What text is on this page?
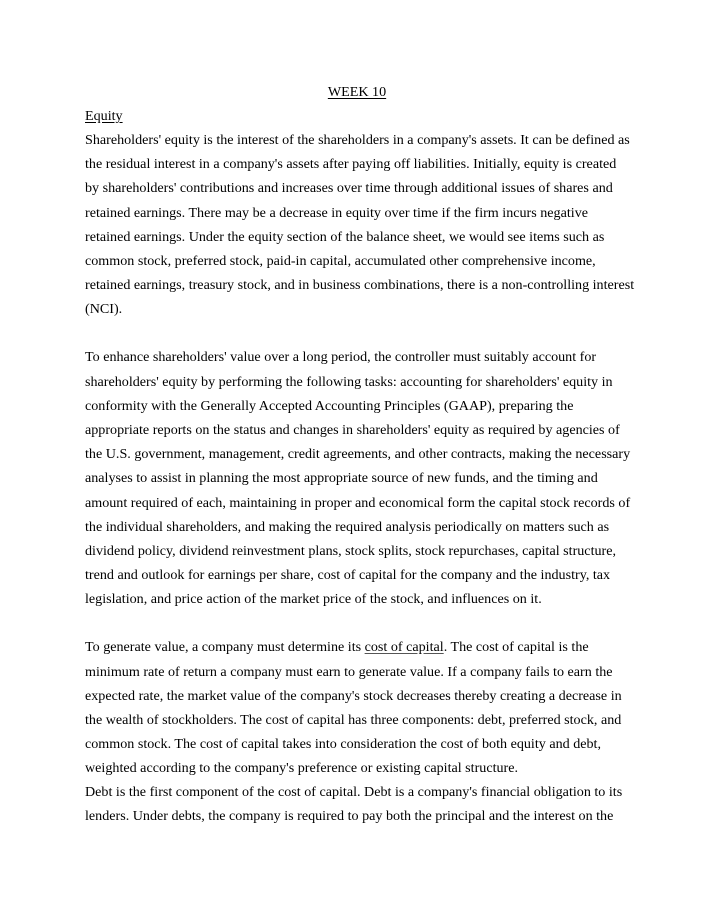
WEEK 10
Equity
Shareholders' equity is the interest of the shareholders in a company's assets. It can be defined as
the residual interest in a company's assets after paying off liabilities. Initially, equity is created
by shareholders' contributions and increases over time through additional issues of shares and
retained earnings. There may be a decrease in equity over time if the firm incurs negative
retained earnings. Under the equity section of the balance sheet, we would see items such as
common stock, preferred stock, paid-in capital, accumulated other comprehensive income,
retained earnings, treasury stock, and in business combinations, there is a non-controlling interest
(NCI).
To enhance shareholders' value over a long period, the controller must suitably account for
shareholders' equity by performing the following tasks: accounting for shareholders' equity in
conformity with the Generally Accepted Accounting Principles (GAAP), preparing the
appropriate reports on the status and changes in shareholders' equity as required by agencies of
the U.S. government, management, credit agreements, and other contracts, making the necessary
analyses to assist in planning the most appropriate source of new funds, and the timing and
amount required of each, maintaining in proper and economical form the capital stock records of
the individual shareholders, and making the required analysis periodically on matters such as
dividend policy, dividend reinvestment plans, stock splits, stock repurchases, capital structure,
trend and outlook for earnings per share, cost of capital for the company and the industry, tax
legislation, and price action of the market price of the stock, and influences on it.
To generate value, a company must determine its cost of capital. The cost of capital is the
minimum rate of return a company must earn to generate value. If a company fails to earn the
expected rate, the market value of the company's stock decreases thereby creating a decrease in
the wealth of stockholders. The cost of capital has three components: debt, preferred stock, and
common stock. The cost of capital takes into consideration the cost of both equity and debt,
weighted according to the company's preference or existing capital structure.
Debt is the first component of the cost of capital. Debt is a company's financial obligation to its
lenders. Under debts, the company is required to pay both the principal and the interest on the
